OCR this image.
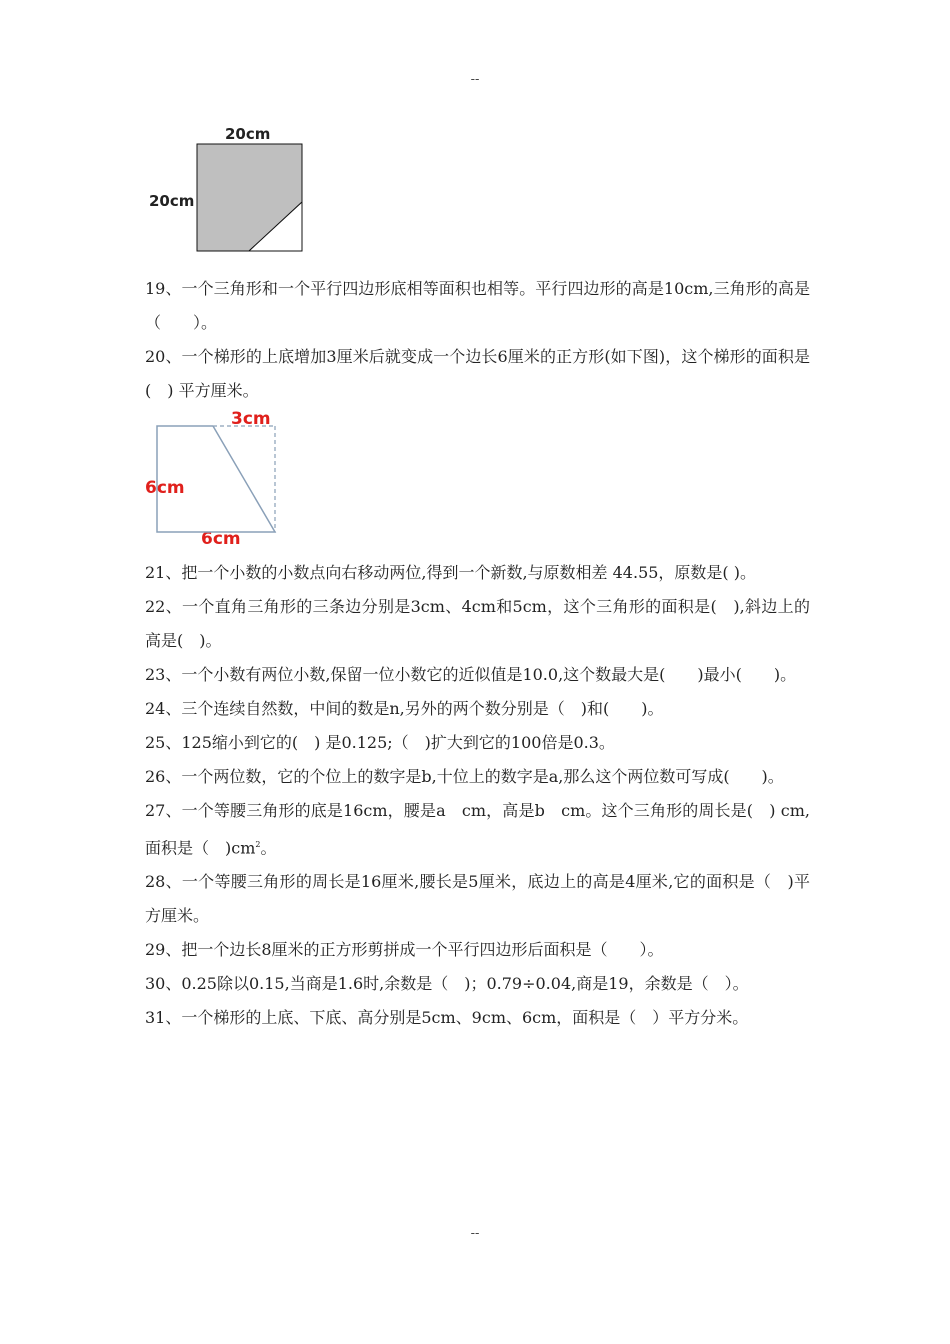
--
20cm
20cm

19、一个三角形和一个平行四边形底相等面积也相等。平行四边形的高是10cm,三角形的高是（　　）。

20、一个梯形的上底增加3厘米后就变成一个边长6厘米的正方形(如下图)，这个梯形的面积是(　) 平方厘米。

3cm
6cm
6cm

21、把一个小数的小数点向右移动两位,得到一个新数,与原数相差 44.55，原数是( )。

22、一个直角三角形的三条边分别是3cm、4cm和5cm，这个三角形的面积是(　),斜边上的高是(　)。

23、一个小数有两位小数,保留一位小数它的近似值是10.0,这个数最大是(　　)最小(　　)。

24、三个连续自然数，中间的数是n,另外的两个数分别是（　)和(　　)。

25、125缩小到它的(　) 是0.125;（　)扩大到它的100倍是0.3。

26、一个两位数，它的个位上的数字是b,十位上的数字是a,那么这个两位数可写成(　　)。

27、一个等腰三角形的底是16cm，腰是a　cm，高是b　cm。这个三角形的周长是(　) cm,面积是（　)$cm^2$。

28、一个等腰三角形的周长是16厘米,腰长是5厘米，底边上的高是4厘米,它的面积是（　)平方厘米。

29、把一个边长8厘米的正方形剪拼成一个平行四边形后面积是（　　）。

30、0.25除以0.15,当商是1.6时,余数是（　)；0.79÷0.04,商是19，余数是（　）。

31、一个梯形的上底、下底、高分别是5cm、9cm、6cm，面积是（　）平方分米。

--
